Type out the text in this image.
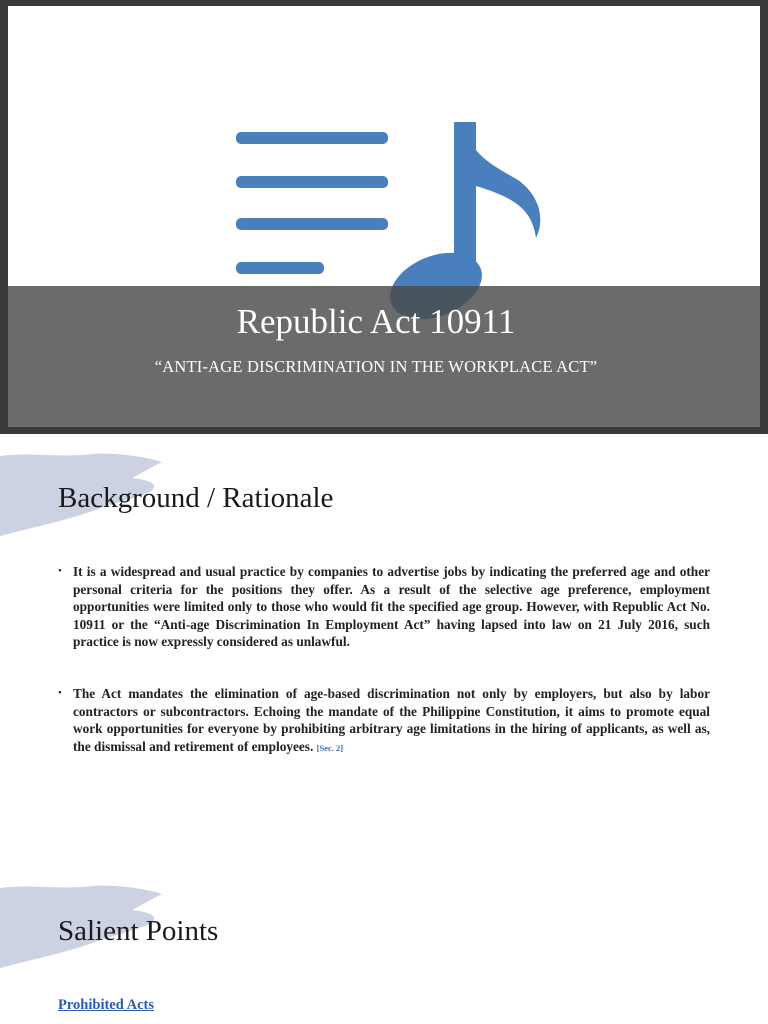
Republic Act 10911
“ANTI-AGE DISCRIMINATION IN THE WORKPLACE ACT”
Background / Rationale
• It is a widespread and usual practice by companies to advertise jobs by indicating the preferred age and other personal criteria for the positions they offer. As a result of the selective age preference, employment opportunities were limited only to those who would fit the specified age group. However, with Republic Act No. 10911 or the “Anti-age Discrimination In Employment Act” having lapsed into law on 21 July 2016, such practice is now expressly considered as unlawful.
• The Act mandates the elimination of age-based discrimination not only by employers, but also by labor contractors or subcontractors. Echoing the mandate of the Philippine Constitution, it aims to promote equal work opportunities for everyone by prohibiting arbitrary age limitations in the hiring of applicants, as well as, the dismissal and retirement of employees. [Sec. 2]
Salient Points
Prohibited Acts
